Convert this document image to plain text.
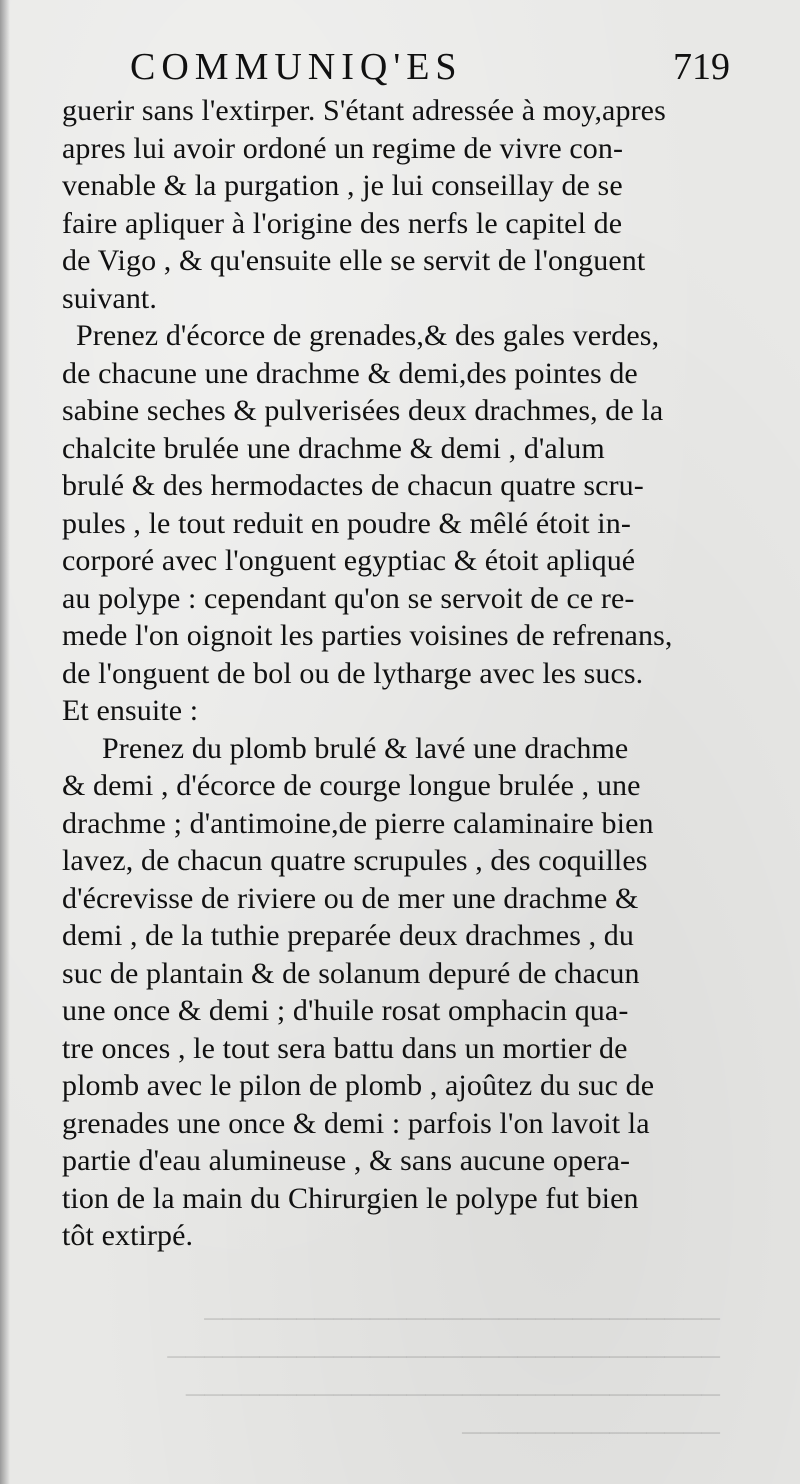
COMMUNIQ'ES	719
guerir sans l'extirper. S'étant adressée à moy,apres
apres lui avoir ordoné un regime de vivre con-
venable & la purgation , je lui conseillay de se
faire apliquer à l'origine des nerfs le capitel de
de Vigo , & qu'ensuite elle se servit de l'onguent
suivant.
Prenez d'écorce de grenades,& des gales verdes,
de chacune une drachme & demi,des pointes de
sabine seches & pulverisées deux drachmes, de la
chalcite brulée une drachme & demi , d'alum
brulé & des hermodactes de chacun quatre scru-
pules , le tout reduit en poudre & mêlé étoit in-
corporé avec l'onguent egyptiac & étoit apliqué
au polype : cependant qu'on se servoit de ce re-
mede l'on oignoit les parties voisines de refrenans,
de l'onguent de bol ou de lytharge avec les sucs.
Et ensuite :
Prenez du plomb brulé & lavé une drachme
& demi , d'écorce de courge longue brulée , une
drachme ; d'antimoine,de pierre calaminaire bien
lavez, de chacun quatre scrupules , des coquilles
d'écrevisse de riviere ou de mer une drachme &
demi , de la tuthie preparée deux drachmes , du
suc de plantain & de solanum depuré de chacun
une once & demi ; d'huile rosat omphacin qua-
tre onces , le tout sera battu dans un mortier de
plomb avec le pilon de plomb , ajoûtez du suc de
grenades une once & demi : parfois l'on lavoit la
partie d'eau alumineuse , & sans aucune opera-
tion de la main du Chirurgien le polype fut bien
tôt extirpé.
────────────────────────────
──────────────────────────────
─────────────────────────────
──────────────
